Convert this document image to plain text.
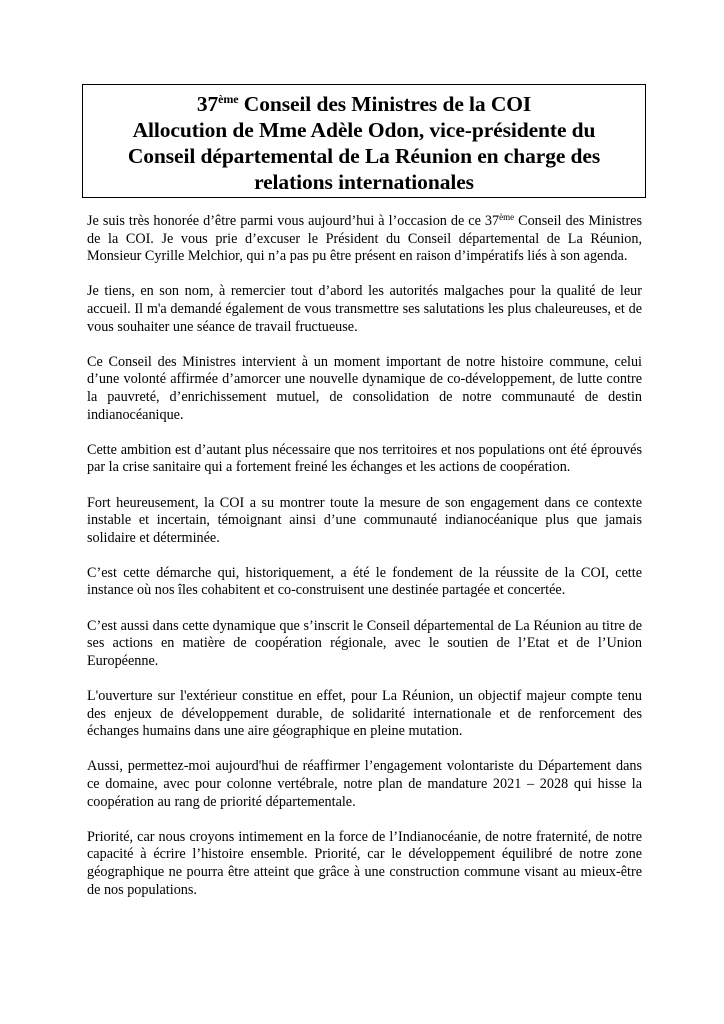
37ème Conseil des Ministres de la COI
Allocution de Mme Adèle Odon, vice-présidente du
Conseil départemental de La Réunion en charge des
relations internationales

Je suis très honorée d’être parmi vous aujourd’hui à l’occasion de ce 37ème Conseil des Ministres de la COI. Je vous prie d’excuser le Président du Conseil départemental de La Réunion, Monsieur Cyrille Melchior, qui n’a pas pu être présent en raison d’impératifs liés à son agenda.

Je tiens, en son nom, à remercier tout d’abord les autorités malgaches pour la qualité de leur accueil. Il m'a demandé également de vous transmettre ses salutations les plus chaleureuses, et de vous souhaiter une séance de travail fructueuse.

Ce Conseil des Ministres intervient à un moment important de notre histoire commune, celui d’une volonté affirmée d’amorcer une nouvelle dynamique de co-développement, de lutte contre la pauvreté, d’enrichissement mutuel, de consolidation de notre communauté de destin indianocéanique.

Cette ambition est d’autant plus nécessaire que nos territoires et nos populations ont été éprouvés par la crise sanitaire qui a fortement freiné les échanges et les actions de coopération.

Fort heureusement, la COI a su montrer toute la mesure de son engagement dans ce contexte instable et incertain, témoignant ainsi d’une communauté indianocéanique plus que jamais solidaire et déterminée.

C’est cette démarche qui, historiquement, a été le fondement de la réussite de la COI, cette instance où nos îles cohabitent et co-construisent une destinée partagée et concertée.

C’est aussi dans cette dynamique que s’inscrit le Conseil départemental de La Réunion au titre de ses actions en matière de coopération régionale, avec le soutien de l’Etat et de l’Union Européenne.

L'ouverture sur l'extérieur constitue en effet, pour La Réunion, un objectif majeur compte tenu des enjeux de développement durable, de solidarité internationale et de renforcement des échanges humains dans une aire géographique en pleine mutation.

Aussi, permettez-moi aujourd'hui de réaffirmer l’engagement volontariste du Département dans ce domaine, avec pour colonne vertébrale, notre plan de mandature 2021 – 2028 qui hisse la coopération au rang de priorité départementale.

Priorité, car nous croyons intimement en la force de l’Indianocéanie, de notre fraternité, de notre capacité à écrire l’histoire ensemble. Priorité, car le développement équilibré de notre zone géographique ne pourra être atteint que grâce à une construction commune visant au mieux-être de nos populations.
